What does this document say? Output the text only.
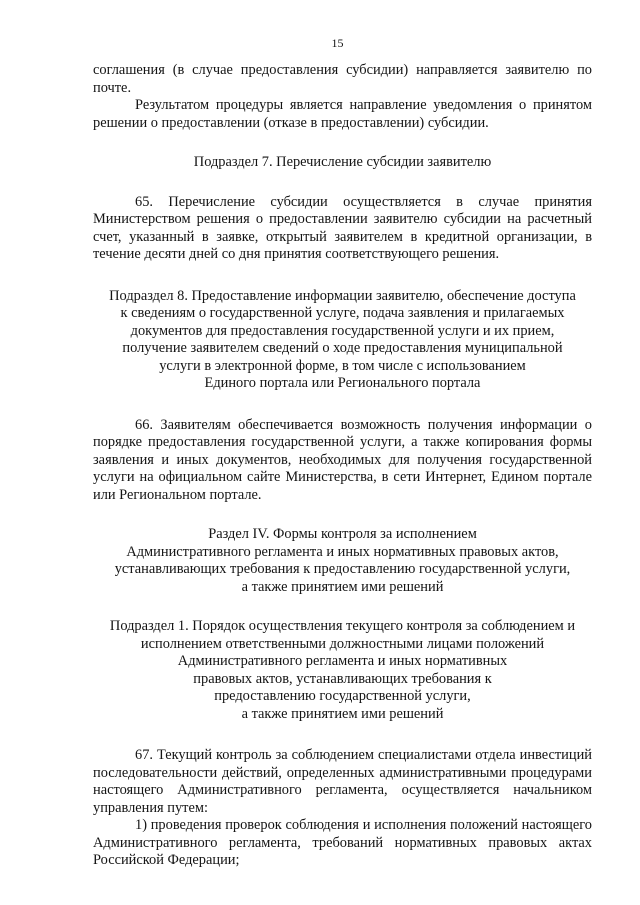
15

соглашения (в случае предоставления субсидии) направляется заявителю по почте.

Результатом процедуры является направление уведомления о принятом решении о предоставлении (отказе в предоставлении) субсидии.

Подраздел 7. Перечисление субсидии заявителю

65. Перечисление субсидии осуществляется в случае принятия Министерством решения о предоставлении заявителю субсидии на расчетный счет, указанный в заявке, открытый заявителем в кредитной организации, в течение десяти дней со дня принятия соответствующего решения.

Подраздел 8. Предоставление информации заявителю, обеспечение доступа

к сведениям о государственной услуге, подача заявления и прилагаемых

документов для предоставления государственной услуги и их прием,

получение заявителем сведений о ходе предоставления муниципальной

услуги в электронной форме, в том числе с использованием

Единого портала или Регионального портала

66. Заявителям обеспечивается возможность получения информации о порядке предоставления государственной услуги, а также копирования формы заявления и иных документов, необходимых для получения государственной услуги на официальном сайте Министерства, в сети Интернет, Едином портале или Региональном портале.

Раздел IV. Формы контроля за исполнением

Административного регламента и иных нормативных правовых актов,

устанавливающих требования к предоставлению государственной услуги,

а также принятием ими решений

Подраздел 1. Порядок осуществления текущего контроля за соблюдением и

исполнением ответственными должностными лицами положений

Административного регламента и иных нормативных

правовых актов, устанавливающих требования к

предоставлению государственной услуги,

а также принятием ими решений

67. Текущий контроль за соблюдением специалистами отдела инвестиций последовательности действий, определенных административными процедурами настоящего Административного регламента, осуществляется начальником управления путем:

1) проведения проверок соблюдения и исполнения положений настоящего Административного регламента, требований нормативных правовых актах Российской Федерации;
